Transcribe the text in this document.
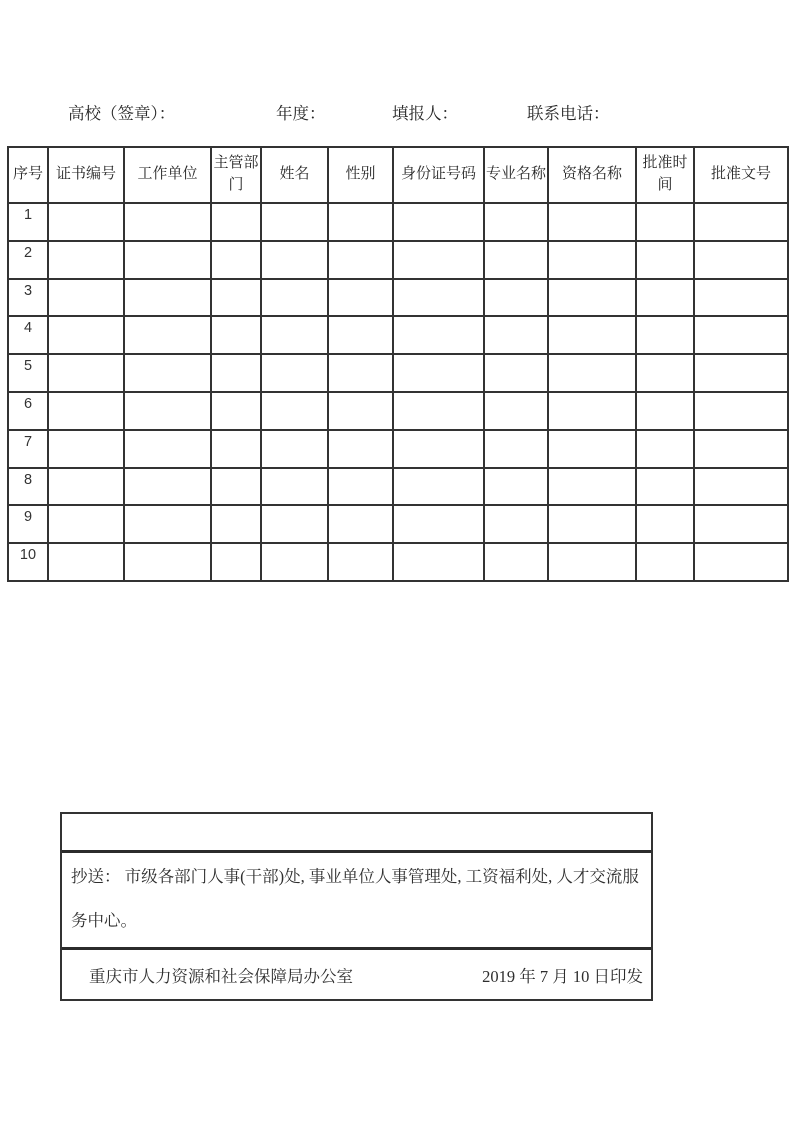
高校（签章）：	年度：	填报人：	联系电话：
序号	证书编号	工作单位	主管部门	姓名	性别	身份证号码	专业名称	资格名称	批准时间	批准文号
1										
2										
3										
4										
5										
6										
7										
8										
9										
10										
抄送： 市级各部门人事(干部)处, 事业单位人事管理处, 工资福利处, 人才交流服
务中心。
重庆市人力资源和社会保障局办公室	2019 年 7 月 10 日印发
